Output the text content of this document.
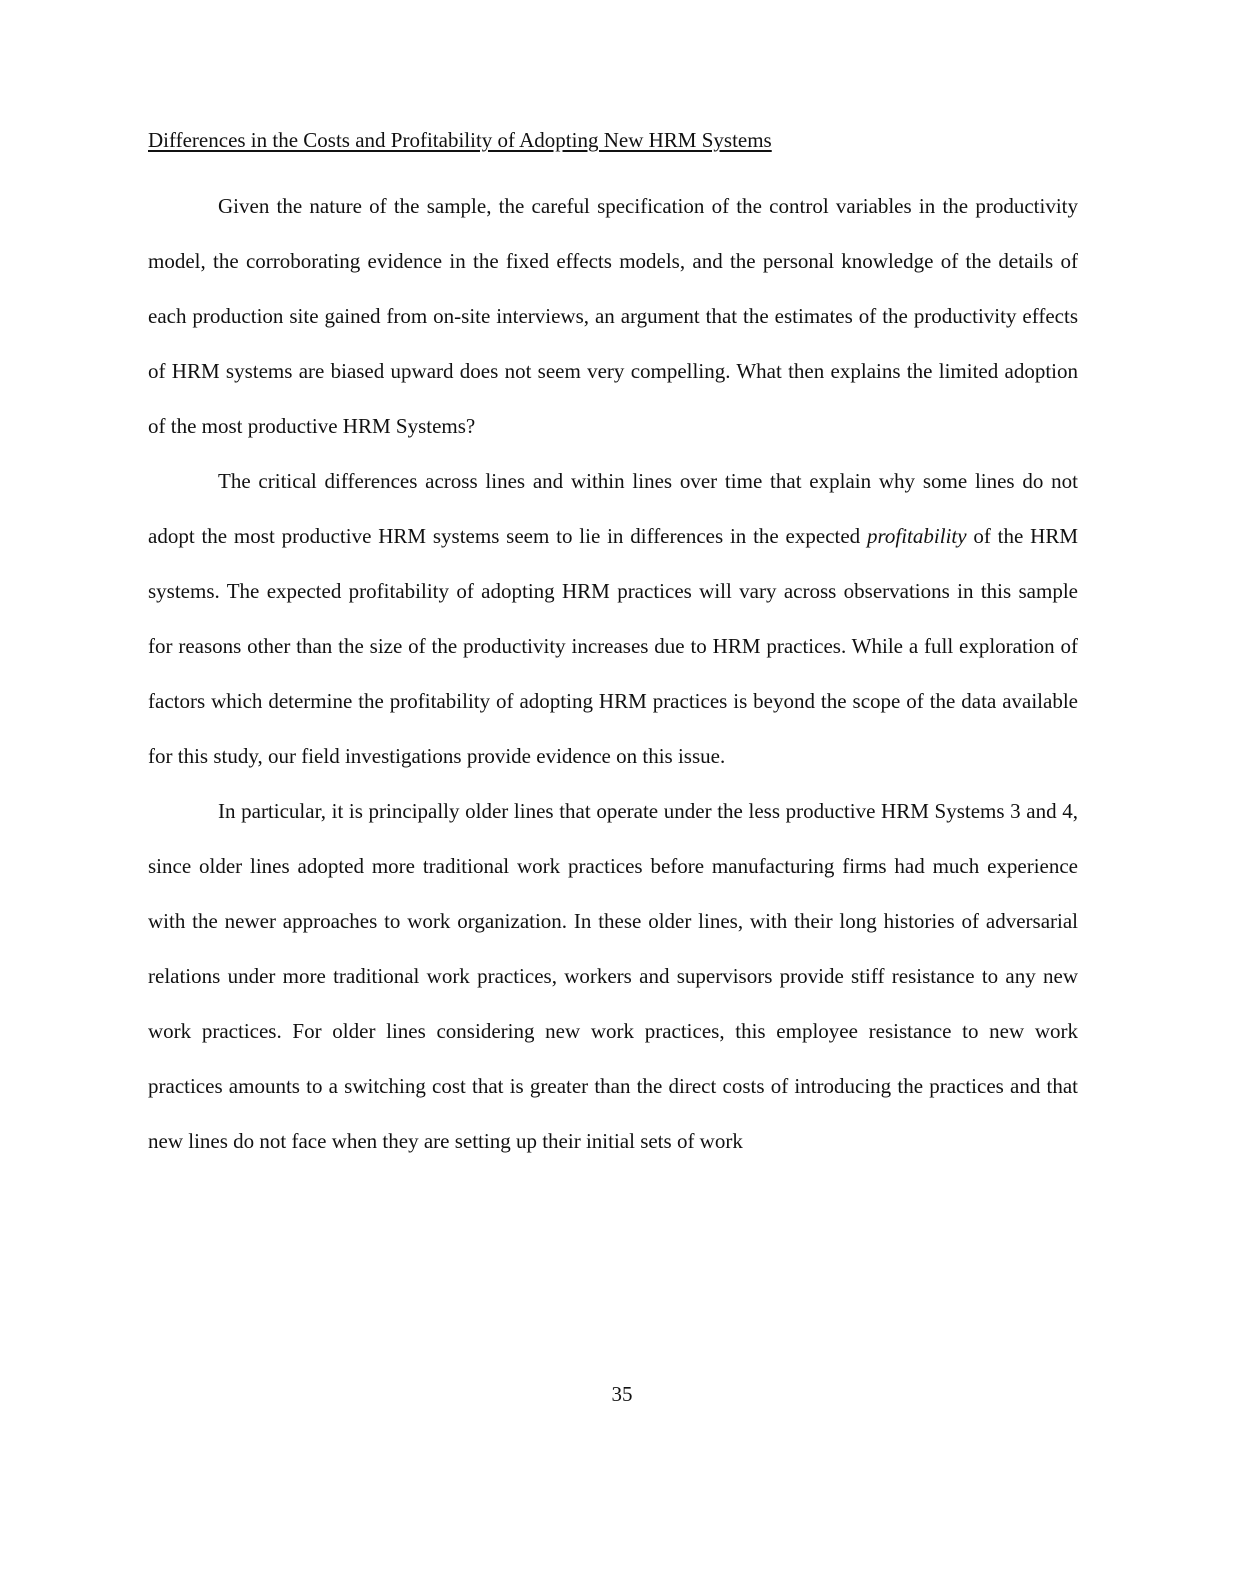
Differences in the Costs and Profitability of Adopting New HRM Systems

Given the nature of the sample, the careful specification of the control variables in the productivity model, the corroborating evidence in the fixed effects models, and the personal knowledge of the details of each production site gained from on-site interviews, an argument that the estimates of the productivity effects of HRM systems are biased upward does not seem very compelling. What then explains the limited adoption of the most productive HRM Systems?

The critical differences across lines and within lines over time that explain why some lines do not adopt the most productive HRM systems seem to lie in differences in the expected profitability of the HRM systems. The expected profitability of adopting HRM practices will vary across observations in this sample for reasons other than the size of the productivity increases due to HRM practices. While a full exploration of factors which determine the profitability of adopting HRM practices is beyond the scope of the data available for this study, our field investigations provide evidence on this issue.

In particular, it is principally older lines that operate under the less productive HRM Systems 3 and 4, since older lines adopted more traditional work practices before manufacturing firms had much experience with the newer approaches to work organization. In these older lines, with their long histories of adversarial relations under more traditional work practices, workers and supervisors provide stiff resistance to any new work practices. For older lines considering new work practices, this employee resistance to new work practices amounts to a switching cost that is greater than the direct costs of introducing the practices and that new lines do not face when they are setting up their initial sets of work

35
